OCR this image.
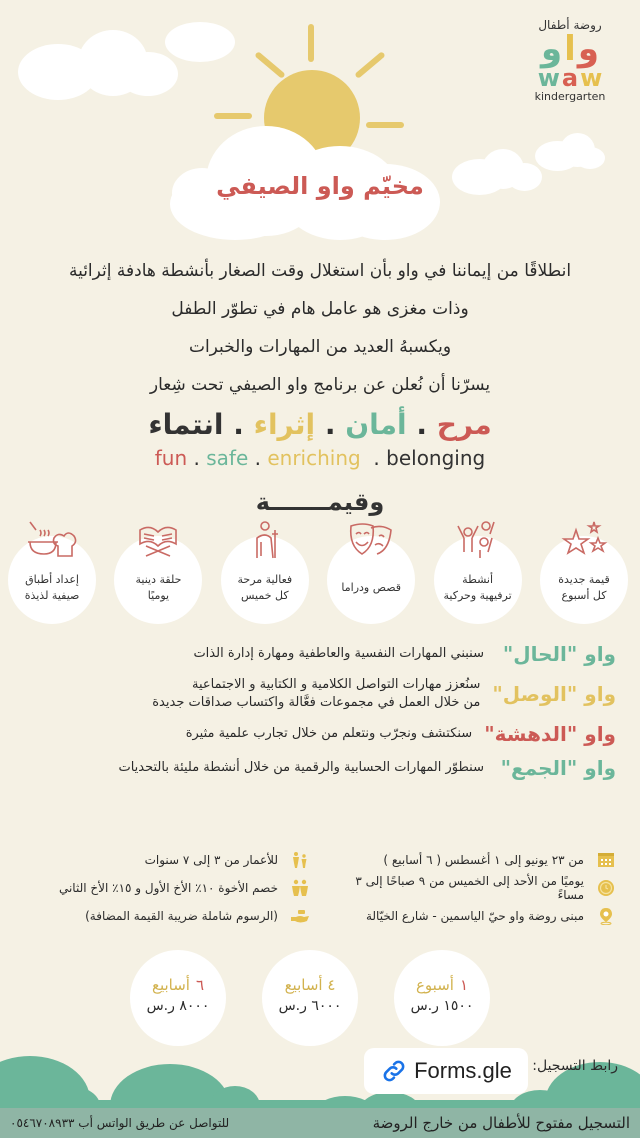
مخيّم واو الصيفي
روضة أطفال
و ا و
w a w
kindergarten
انطلاقًا من إيماننا في واو بأن استغلال وقت الصغار بأنشطة هادفة إثرائية
وذات مغزى هو عامل هام في تطوّر الطفل
ويكسبهُ العديد من المهارات والخبرات
يسرّنا أن نُعلن عن برنامج واو الصيفي تحت شِعار
مرح . أمان . إثراء . انتماء
fun . safe . enriching  . belonging
وقيمـــــــة
قيمة جديدة
كل أسبوع
أنشطة
ترفيهية وحركية
قصص ودراما
فعالية مرحة
كل خميس
حلقة دينية
يوميًا
إعداد أطباق
صيفية لذيذة
واو "الحال"
سنبني المهارات النفسية والعاطفية ومهارة إدارة الذات
واو "الوصل"
سنُعزز مهارات التواصل الكلامية و الكتابية و الاجتماعية
من خلال العمل في مجموعات فعَّالة واكتساب صداقات جديدة
واو "الدهشة"
سنكتشف ونجرّب ونتعلم من خلال تجارب علمية مثيرة
واو "الجمع"
سنطوّر المهارات الحسابية والرقمية من خلال أنشطة مليئة بالتحديات
من ٢٣ يونيو إلى ١ أغسطس ( ٦ أسابيع )
يوميًا من الأحد إلى الخميس من ٩ صباحًا إلى ٣ مساءً
مبنى روضة واو حيّ الياسمين - شارع الخيّالة
للأعمار من ٣ إلى ٧ سنوات
خصم الأخوة ١٠٪ الأخ الأول و ١٥٪ الأخ الثاني
(الرسوم شاملة ضريبة القيمة المضافة)
١أسبوع
١٥٠٠ ر.س
٤ أسابيع
٦٠٠٠ ر.س
٦أسابيع
٨٠٠٠ ر.س
رابط التسجيل:
Forms.gle
التسجيل مفتوح للأطفال من خارج الروضة
للتواصل عن طريق الواتس أب ٠٥٤٦٧٠٨٩٣٣
